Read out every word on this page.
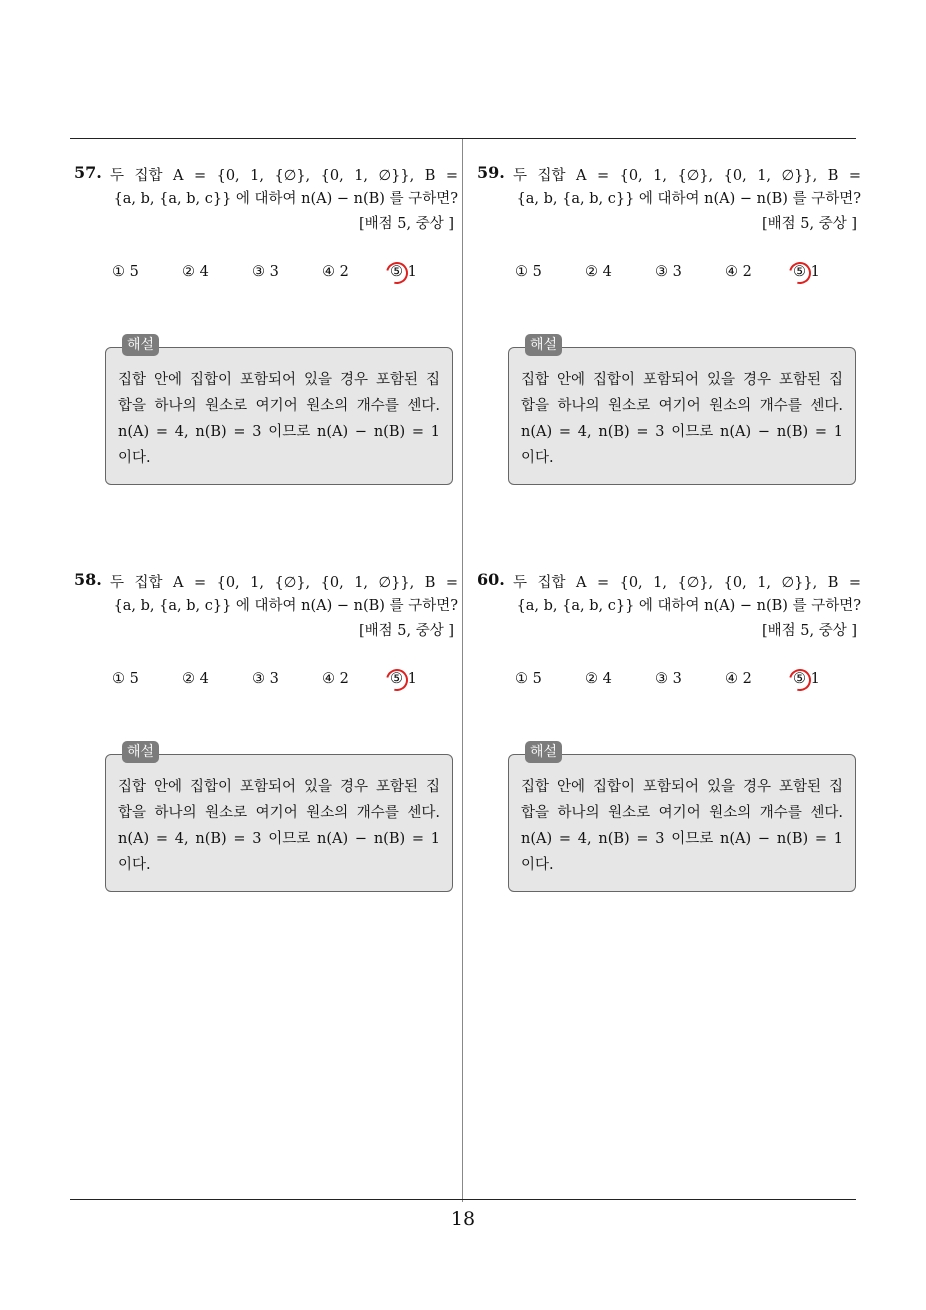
57. 두 집합 A = {0, 1, {∅}, {0, 1, ∅}}, B =
{a, b, {a, b, c}} 에 대하여 n(A) − n(B) 를 구하면?
[배점 5, 중상 ]
① 5	② 4	③ 3	④ 2	⑤ 1
해설
집합 안에 집합이 포함되어 있을 경우 포함된 집
합을 하나의 원소로 여기어 원소의 개수를 센다.
n(A) = 4, n(B) = 3 이므로 n(A) − n(B) = 1
이다.
59. 두 집합 A = {0, 1, {∅}, {0, 1, ∅}}, B =
{a, b, {a, b, c}} 에 대하여 n(A) − n(B) 를 구하면?
[배점 5, 중상 ]
① 5	② 4	③ 3	④ 2	⑤ 1
해설
집합 안에 집합이 포함되어 있을 경우 포함된 집
합을 하나의 원소로 여기어 원소의 개수를 센다.
n(A) = 4, n(B) = 3 이므로 n(A) − n(B) = 1
이다.
58. 두 집합 A = {0, 1, {∅}, {0, 1, ∅}}, B =
{a, b, {a, b, c}} 에 대하여 n(A) − n(B) 를 구하면?
[배점 5, 중상 ]
① 5	② 4	③ 3	④ 2	⑤ 1
해설
집합 안에 집합이 포함되어 있을 경우 포함된 집
합을 하나의 원소로 여기어 원소의 개수를 센다.
n(A) = 4, n(B) = 3 이므로 n(A) − n(B) = 1
이다.
60. 두 집합 A = {0, 1, {∅}, {0, 1, ∅}}, B =
{a, b, {a, b, c}} 에 대하여 n(A) − n(B) 를 구하면?
[배점 5, 중상 ]
① 5	② 4	③ 3	④ 2	⑤ 1
해설
집합 안에 집합이 포함되어 있을 경우 포함된 집
합을 하나의 원소로 여기어 원소의 개수를 센다.
n(A) = 4, n(B) = 3 이므로 n(A) − n(B) = 1
이다.
18
